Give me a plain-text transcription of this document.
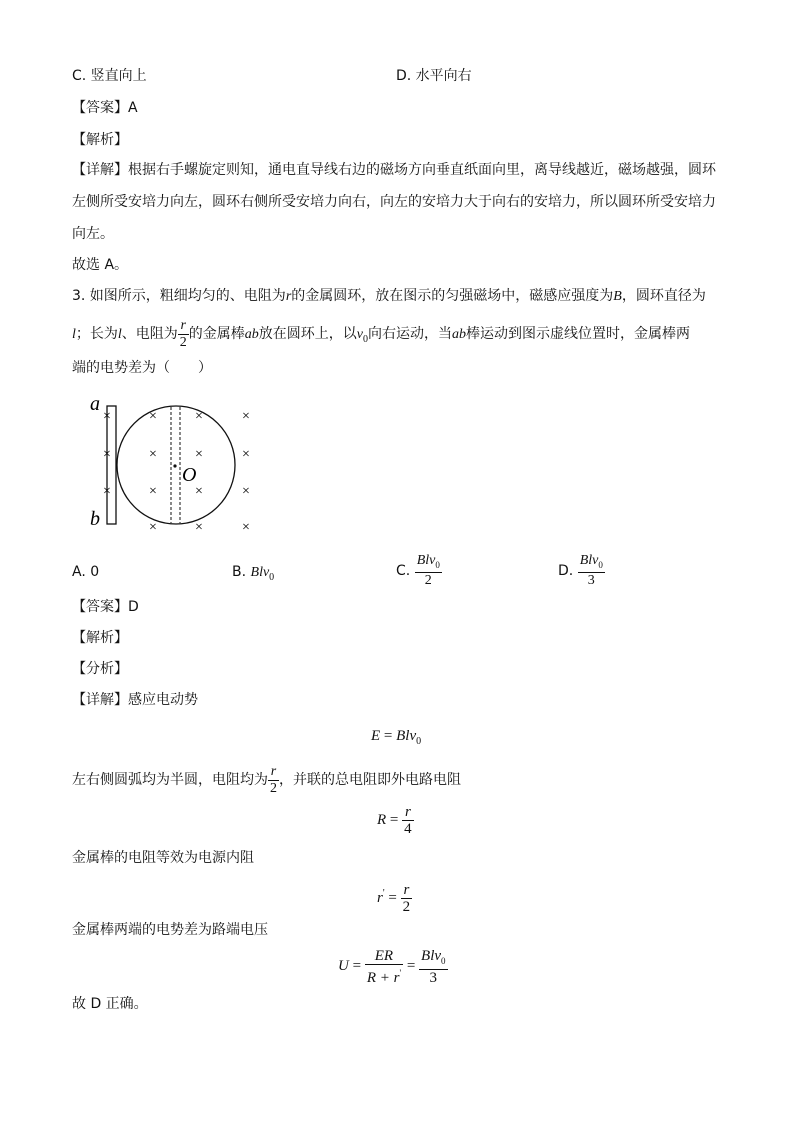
C. 竖直向上	D. 水平向右
【答案】A
【解析】
【详解】根据右手螺旋定则知，通电直导线右边的磁场方向垂直纸面向里，离导线越近，磁场越强，圆环
左侧所受安培力向左，圆环右侧所受安培力向右，向左的安培力大于向右的安培力，所以圆环所受安培力
向左。
故选 A。
3. 如图所示，粗细均匀的、电阻为r的金属圆环，放在图示的匀强磁场中，磁感应强度为B，圆环直径为
l；长为l、电阻为 $\frac{r}{2}$ 的金属棒ab放在圆环上，以$v_0$向右运动，当ab棒运动到图示虚线位置时，金属棒两
端的电势差为（　　）
a
b
O
×
×
×
×
×
×
×
×
×
×
×
×
×
×
×
A. 0	B. Blv$_0$	C. $\frac{Blv_0}{2}$	D. $\frac{Blv_0}{3}$
【答案】D
【解析】
【分析】
【详解】感应电动势
E = Blv$_0$
左右侧圆弧均为半圆，电阻均为 $\frac{r}{2}$ ，并联的总电阻即外电路电阻
$R = \frac{r}{4}$
金属棒的电阻等效为电源内阻
$r' = \frac{r}{2}$
金属棒两端的电势差为路端电压
$U = \frac{ER}{R + r'} = \frac{Blv_0}{3}$
故 D 正确。
